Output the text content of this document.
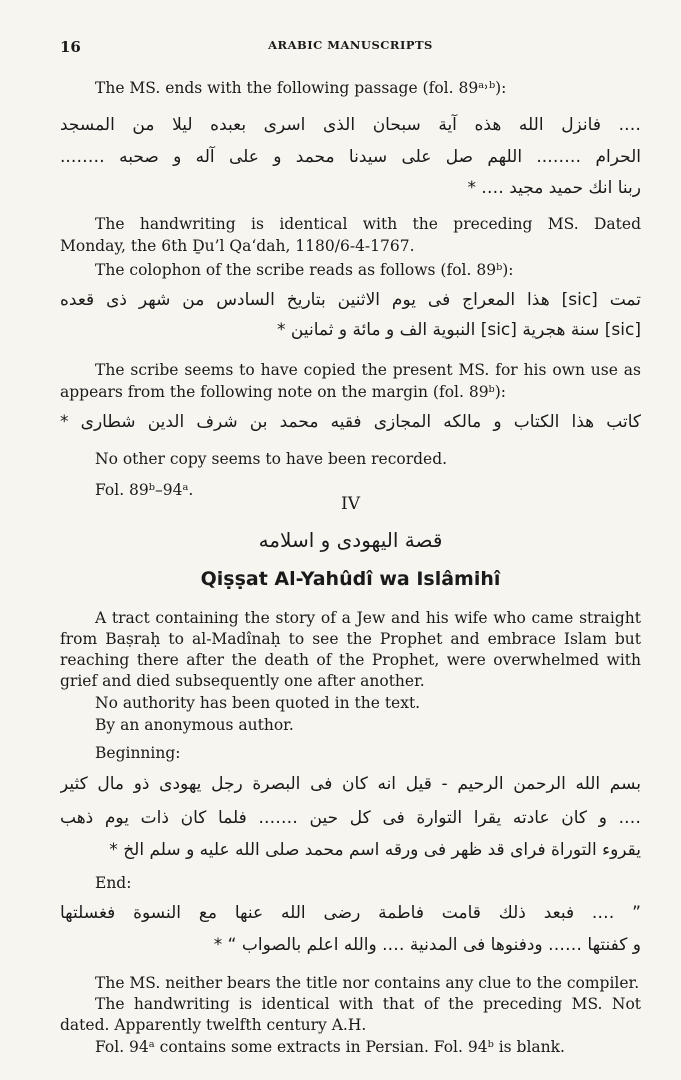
16	ARABIC MANUSCRIPTS
The MS. ends with the following passage (fol. 89ᵃ˒ᵇ):
…. فانزل الله هذه آية سبحان الذى اسرى بعبده ليلا من المسجد
الحرام …….. اللهم صل على سيدنا محمد و على آله و صحبه ……..
ربنا انك حميد مجيد …. *
The handwriting is identical with the preceding MS. Dated
Monday, the 6th Ḏu’l Qa‘dah, 1180/6-4-1767.
The colophon of the scribe reads as follows (fol. 89ᵇ):
تمت [sic] هذا المعراج فى يوم الاثنين بتاريخ السادس من شهر ذى قعده
[sic] سنة هجرية [sic] النبوية الف و مائة و ثمانين *
The scribe seems to have copied the present MS. for his own use as
appears from the following note on the margin (fol. 89ᵇ):
كاتب هذا الكتاب و مالكه المجازى فقيه محمد بن شرف الدين شطارى *
No other copy seems to have been recorded.
Fol. 89ᵇ–94ᵃ.
IV
قصة اليهودى و اسلامه
Qiṣṣat Al-Yahûdî wa Islâmihî
A tract containing the story of a Jew and his wife who came straight
from Baṣraḥ to al-Madînaḥ to see the Prophet and embrace Islam but
reaching there after the death of the Prophet, were overwhelmed with
grief and died subsequently one after another.
No authority has been quoted in the text.
By an anonymous author.
Beginning:
بسم الله الرحمن الرحيم - قيل انه كان فى البصرة رجل يهودى ذو مال كثير
…. و كان عادته يقرا التوارة فى كل حين ……. فلما كان ذات يوم ذهب
يقروء التوراة فراى قد ظهر فى ورقه اسم محمد صلى الله عليه و سلم الخ *
End:
” …. فبعد ذلك قامت فاطمة رضى الله عنها مع النسوة فغسلتها
و كفنتها …… ودفنوها فى المدنية …. والله اعلم بالصواب “ *
The MS. neither bears the title nor contains any clue to the compiler.
The handwriting is identical with that of the preceding MS. Not
dated. Apparently twelfth century A.H.
Fol. 94ᵃ contains some extracts in Persian. Fol. 94ᵇ is blank.
